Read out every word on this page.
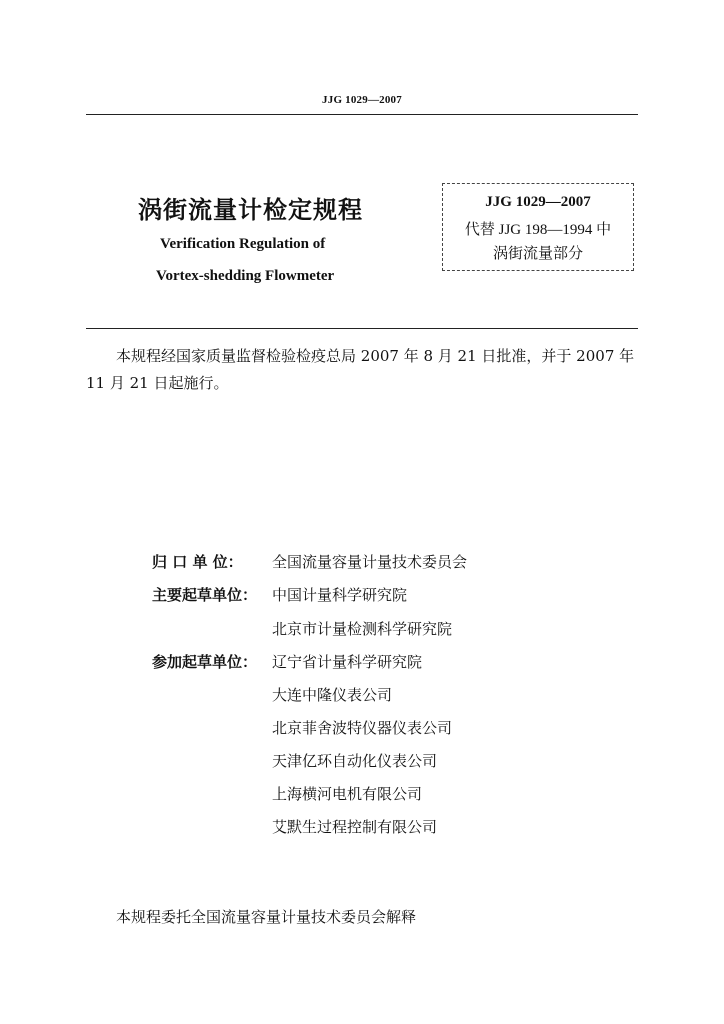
JJG 1029—2007
涡街流量计检定规程
Verification Regulation of
Vortex-shedding Flowmeter
JJG 1029—2007
代替 JJG 198—1994 中
涡街流量部分
本规程经国家质量监督检验检疫总局 2007 年 8 月 21 日批准，并于 2007 年 11 月 21 日起施行。
归 口 单 位：	全国流量容量计量技术委员会
主要起草单位： 中国计量科学研究院
北京市计量检测科学研究院
参加起草单位： 辽宁省计量科学研究院
大连中隆仪表公司
北京菲舍波特仪器仪表公司
天津亿环自动化仪表公司
上海横河电机有限公司
艾默生过程控制有限公司
本规程委托全国流量容量计量技术委员会解释
